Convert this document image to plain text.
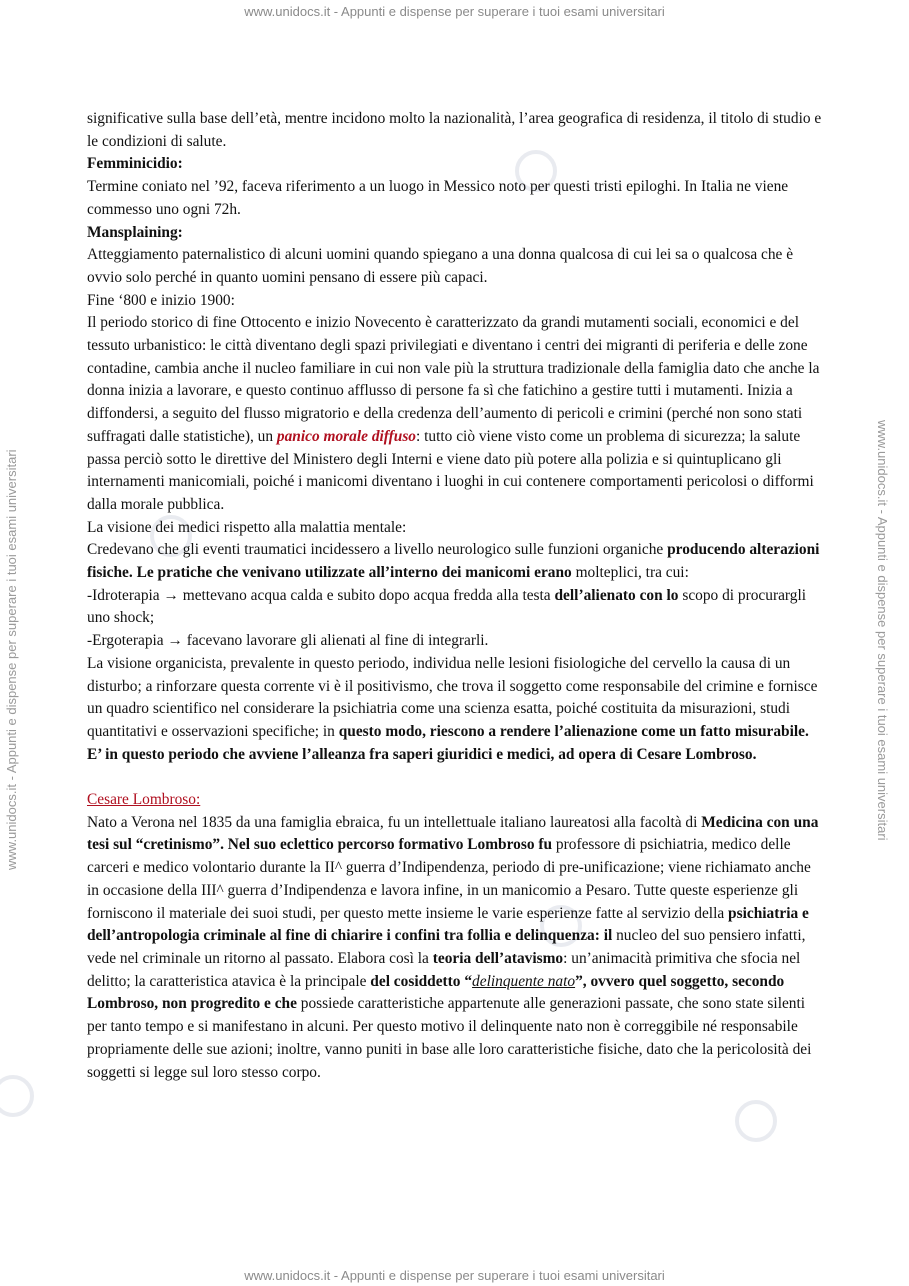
www.unidocs.it - Appunti e dispense per superare i tuoi esami universitari
www.unidocs.it - Appunti e dispense per superare i tuoi esami universitari	www.unidocs.it - Appunti e dispense per superare i tuoi esami universitari

significative sulla base dell’età, mentre incidono molto la nazionalità, l’area geografica di residenza, il titolo di studio e le condizioni di salute.

Femminicidio:

Termine coniato nel ’92, faceva riferimento a un luogo in Messico noto per questi tristi epiloghi. In Italia ne viene commesso uno ogni 72h.

Mansplaining:

Atteggiamento paternalistico di alcuni uomini quando spiegano a una donna qualcosa di cui lei sa o qualcosa che è ovvio solo perché in quanto uomini pensano di essere più capaci.

Fine ‘800 e inizio 1900:

Il periodo storico di fine Ottocento e inizio Novecento è caratterizzato da grandi mutamenti sociali, economici e del tessuto urbanistico: le città diventano degli spazi privilegiati e diventano i centri dei migranti di periferia e delle zone contadine, cambia anche il nucleo familiare in cui non vale più la struttura tradizionale della famiglia dato che anche la donna inizia a lavorare, e questo continuo afflusso di persone fa sì che fatichino a gestire tutti i mutamenti. Inizia a diffondersi, a seguito del flusso migratorio e della credenza dell’aumento di pericoli e crimini (perché non sono stati suffragati dalle statistiche), un panico morale diffuso: tutto ciò viene visto come un problema di sicurezza; la salute passa perciò sotto le direttive del Ministero degli Interni e viene dato più potere alla polizia e si quintuplicano gli internamenti manicomiali, poiché i manicomi diventano i luoghi in cui contenere comportamenti pericolosi o difformi dalla morale pubblica.

La visione dei medici rispetto alla malattia mentale:

Credevano che gli eventi traumatici incidessero a livello neurologico sulle funzioni organiche producendo alterazioni fisiche. Le pratiche che venivano utilizzate all’interno dei manicomi erano molteplici, tra cui:

-Idroterapia → mettevano acqua calda e subito dopo acqua fredda alla testa dell’alienato con lo scopo di procurargli uno shock;

-Ergoterapia → facevano lavorare gli alienati al fine di integrarli.

La visione organicista, prevalente in questo periodo, individua nelle lesioni fisiologiche del cervello la causa di un disturbo; a rinforzare questa corrente vi è il positivismo, che trova il soggetto come responsabile del crimine e fornisce un quadro scientifico nel considerare la psichiatria come una scienza esatta, poiché costituita da misurazioni, studi quantitativi e osservazioni specifiche; in questo modo, riescono a rendere l’alienazione come un fatto misurabile. E’ in questo periodo che avviene l’alleanza fra saperi giuridici e medici, ad opera di Cesare Lombroso.

Cesare Lombroso:

Nato a Verona nel 1835 da una famiglia ebraica, fu un intellettuale italiano laureatosi alla facoltà di Medicina con una tesi sul “cretinismo”. Nel suo eclettico percorso formativo Lombroso fu professore di psichiatria, medico delle carceri e medico volontario durante la II^ guerra d’Indipendenza, periodo di pre-unificazione; viene richiamato anche in occasione della III^ guerra d’Indipendenza e lavora infine, in un manicomio a Pesaro. Tutte queste esperienze gli forniscono il materiale dei suoi studi, per questo mette insieme le varie esperienze fatte al servizio della psichiatria e dell’antropologia criminale al fine di chiarire i confini tra follia e delinquenza: il nucleo del suo pensiero infatti, vede nel criminale un ritorno al passato. Elabora così la teoria dell’atavismo: un’animacità primitiva che sfocia nel delitto; la caratteristica atavica è la principale del cosiddetto “delinquente nato”, ovvero quel soggetto, secondo Lombroso, non progredito e che possiede caratteristiche appartenute alle generazioni passate, che sono state silenti per tanto tempo e si manifestano in alcuni. Per questo motivo il delinquente nato non è correggibile né responsabile propriamente delle sue azioni; inoltre, vanno puniti in base alle loro caratteristiche fisiche, dato che la pericolosità dei soggetti si legge sul loro stesso corpo.

www.unidocs.it - Appunti e dispense per superare i tuoi esami universitari
